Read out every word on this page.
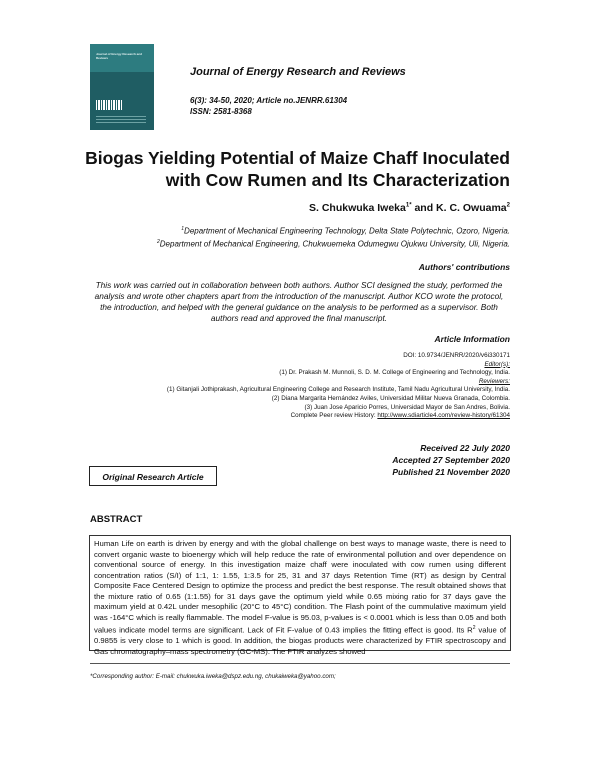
Journal of Energy Research and Reviews
Journal of Energy Research and Reviews
6(3): 34-50, 2020; Article no.JENRR.61304
ISSN: 2581-8368
Biogas Yielding Potential of Maize Chaff Inoculated
with Cow Rumen and Its Characterization
S. Chukwuka Iweka$^{1*}$ and K. C. Owuama$^2$
$^1$Department of Mechanical Engineering Technology, Delta State Polytechnic, Ozoro, Nigeria.
$^2$Department of Mechanical Engineering, Chukwuemeka Odumegwu Ojukwu University, Uli, Nigeria.
Authors' contributions
This work was carried out in collaboration between both authors. Author SCI designed the study, performed the analysis and wrote other chapters apart from the introduction of the manuscript. Author KCO wrote the protocol, the introduction, and helped with the general guidance on the analysis to be performed as a supervisor. Both authors read and approved the final manuscript.
Article Information
DOI: 10.9734/JENRR/2020/v6i330171
Editor(s):
(1) Dr. Prakash M. Munnoli, S. D. M. College of Engineering and Technology, India.
Reviewers:
(1) Gitanjali Jothiprakash, Agricultural Engineering College and Research Institute, Tamil Nadu Agricultural University, India.
(2) Diana Margarita Hernández Aviles, Universidad Militar Nueva Granada, Colombia.
(3) Juan Jose Aparicio Porres, Universidad Mayor de San Andres, Bolivia.
Complete Peer review History: http://www.sdiarticle4.com/review-history/61304
Received 22 July 2020
Accepted 27 September 2020
Published 21 November 2020
Original Research Article
ABSTRACT
Human Life on earth is driven by energy and with the global challenge on best ways to manage waste, there is need to convert organic waste to bioenergy which will help reduce the rate of environmental pollution and over dependence on conventional source of energy. In this investigation maize chaff were inoculated with cow rumen using different concentration ratios (S/I) of 1:1, 1: 1.55, 1:3.5 for 25, 31 and 37 days Retention Time (RT) as design by Central Composite Face Centered Design to optimize the process and predict the best response. The result obtained shows that the mixture ratio of 0.65 (1:1.55) for 31 days gave the optimum yield while 0.65 mixing ratio for 37 days gave the maximum yield at 0.42L under mesophilic (20°C to 45°C) condition. The Flash point of the cummulative maximum yield was -164°C which is really flammable. The model F-value is 95.03, p-values is < 0.0001 which is less than 0.05 and both values indicate model terms are significant. Lack of Fit F-value of 0.43 implies the fitting effect is good. Its $R^2$ value of 0.9855 is very close to 1 which is good. In addition, the biogas products were characterized by FTIR spectroscopy and Gas chromatography–mass spectrometry (GC-MS). The FTIR analyzes showed
*Corresponding author: E-mail: chukwuka.iweka@dspz.edu.ng, chukaiweka@yahoo.com;
